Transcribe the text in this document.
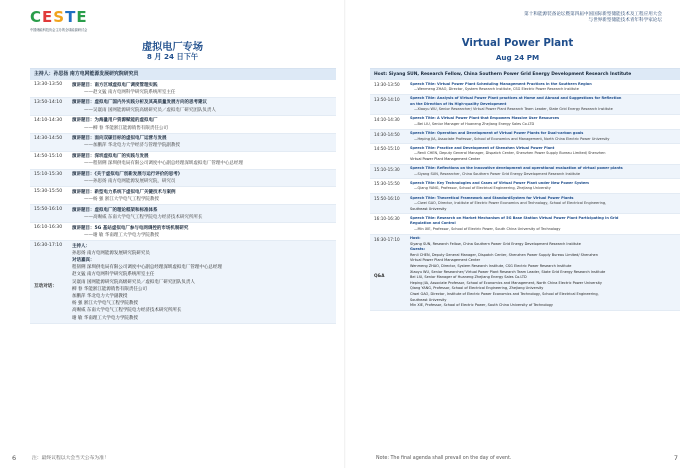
CESTE
中国储能科技协会主办的全球能源研讨会
虚拟电厂专场
8 月 24 日下午
主持人：孙思扬 南方电网能源发展研究院研究员
13:30-13:50	演讲题目：南方区域虚拟电厂调度管理实践
——赵文猛 南方电网科学研究院系统所室主任
13:50-14:10	演讲题目：虚拟电厂国内外实践分析及其高质量发展方向的思考建议
——吴寰雨 国网能源研究院高级研究员／虚拟电厂研究团队负责人
14:10-14:30	演讲题目：为海量用户资源赋能的虚拟电厂
——柳 春 华能浙江能源销售有限责任公司
14:30-14:50	演讲题目：面向双碳目标的虚拟电厂运营与发展
——加鹏萍 华北电力大学经济与管理学院副教授
14:50-15:10	演讲题目：深圳虚拟电厂的实践与发展
——程韧俐 深圳供电局有限公司调度中心副总经理深圳虚拟电厂管理中心总经理
15:10-15:30	演讲题目：《关于虚拟电厂创新发展与运行评价的思考》
——孙思扬 南方电网能源发展研究院，研究员
15:30-15:50	演讲题目：新型电力系统下虚拟电厂关键技术与案例
——杨 强 浙江大学电气工程学院教授
15:50-16:10	演讲题目：虚拟电厂的理论框架和标准体系
——高赐威 东南大学电气工程学院电力经济技术研究所所长
16:10-16:30	演讲题目：5G 基站虚拟电厂参与电网调控的市场机制研究
——谢 敏 华南理工大学电力学院教授
16:30-17:10
互动对话：
主持人：
孙思扬 南方电网能源发展研究院研究员
对话嘉宾：
程韧俐 深圳供电局有限公司调度中心副总经理深圳虚拟电厂管理中心总经理
赵文猛 南方电网科学研究院系统所室主任
吴寰雨 国网能源研究院高级研究员／虚拟电厂研究团队负责人
柳 春 华能浙江能源销售有限责任公司
加鹏萍 华北电力大学副教授
杨 强 浙江大学电气工程学院教授
高赐威 东南大学电气工程学院电力经济技术研究所所长
谢 敏 华南理工大学电力学院教授
注：最终议程以大会当天公布为准！
6
第十和能源装备论坛暨第四届中国国际新型储能技术及工程应用大会
与世界新型储能技术青年科学家论坛
Virtual Power Plant
Aug 24 PM
Host: Siyang SUN, Research Fellow, China Southern Power Grid Energy Development Research Institute
13:30-13:50	Speech Title: Virtual Power Plant Scheduling Management Practices in the Southern Region
—Wenmeng ZHAO, Director, System Research Institute, CSG Electric Power Research Institute
13:50-14:10	Speech Title: Analysis of Virtual Power Plant practices at Home and Abroad and Suggestions for Reflection
on the Direction of Its High-quality Development
—Xiaoyu WU, Senior Researcher/ Virtual Power Plant Research Team Leader, State Grid Energy Research Institute
14:10-14:30	Speech Title: A Virtual Power Plant that Empowers Massive User Resources
—Bei LIU, Senior Manager of Huaneng Zhejiang Energy Sales Co.LTD
14:30-14:50	Speech Title: Operation and Development of Virtual Power Plants for Dual-carbon goals
—Heping JIA, Associate Professor, School of Economics and Management, North China Electric Power University
14:50-15:10	Speech Title: Practice and Development of Shenzhen Virtual Power Plant
—Renli CHEN, Deputy General Manager, Dispatch Center, Shenzhen Power Supply Bureau Limited/ Shenzhen
Virtual Power Plant Management Center
15:10-15:30	Speech Title: Reflections on the innovative development and operational evaluation of virtual power plants
—Siyang SUN, Researcher, China Southern Power Grid Energy Development Research Institute
15:30-15:50	Speech Title: Key Technologies and Cases of Virtual Power Plant under New Power System
—Qiang YANG, Professor, School of Electrical Engineering, Zhejiang University
15:50-16:10	Speech Title: Theoretical Framework and StandardSystem for Virtual Power Plants
—Ciwei GAO, Director, Institute of Electric Power Economics and Technology, School of Electrical Engineering,
Southeast University
16:10-16:30	Speech Title: Research on Market Mechanism of 5G Base Station Virtual Power Plant Participating in Grid
Regulation and Control
—Min XIE, Professor, School of Electric Power, South China University of Technology
16:30-17:10
Q&A
Host:
Siyang SUN, Research Fellow, China Southern Power Grid Energy Development Research Institute
Guests:
Renli CHEN, Deputy General Manager, Dispatch Center, Shenzhen Power Supply Bureau Limited/ Shenzhen
Virtual Power Plant Management Center
Wenmeng ZHAO, Director, System Research Institute, CSG Electric Power Research Institute
Xiaoyu WU, Senior Researcher/ Virtual Power Plant Research Team Leader, State Grid Energy Research Institute
Bei LIU, Senior Manager of Huaneng Zhejiang Energy Sales Co.LTD
Heping JIA, Associate Professor, School of Economics and Management, North China Electric Power University
Qiang YANG, Professor, School of Electrical Engineering, Zhejiang University
Ciwei GAO, Director, Institute of Electric Power Economics and Technology, School of Electrical Engineering,
Southeast University
Min XIE, Professor, School of Electric Power, South China University of Technology
Note: The final agenda shall prevail on the day of event.	7
